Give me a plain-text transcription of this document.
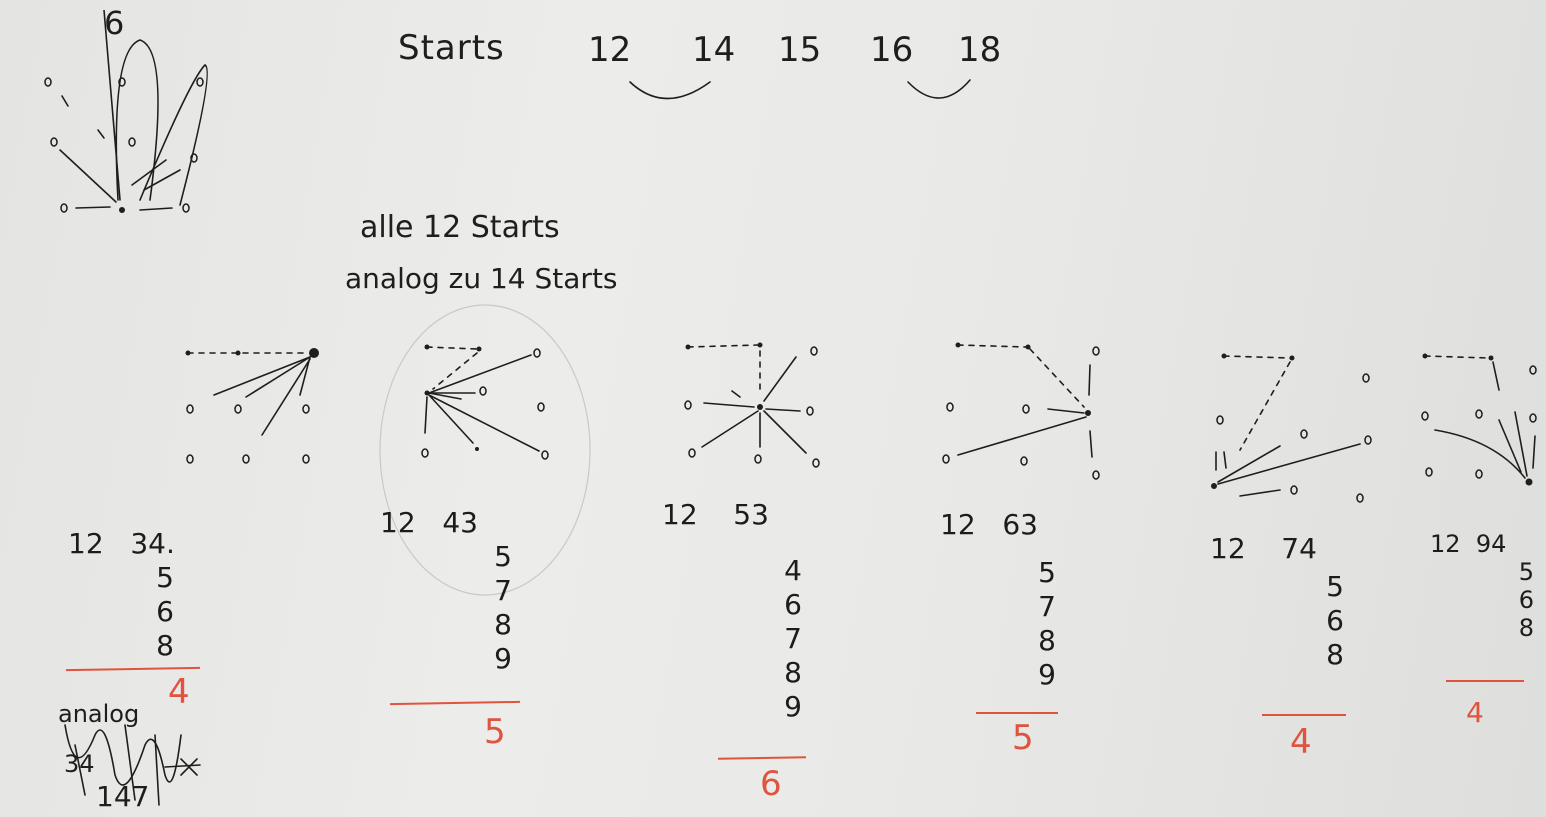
Starts 12 14 15 16 18
6
alle 12 Starts
analog zu 14 Starts
12 34.
5
6
8
4
12 43
5
7
8
9
5
12 53
4
6
7
8
9
6
12 63
5
7
8
9
5
12 74
5
6
8
4
12 94
5
6
8
4
analog
34
147
